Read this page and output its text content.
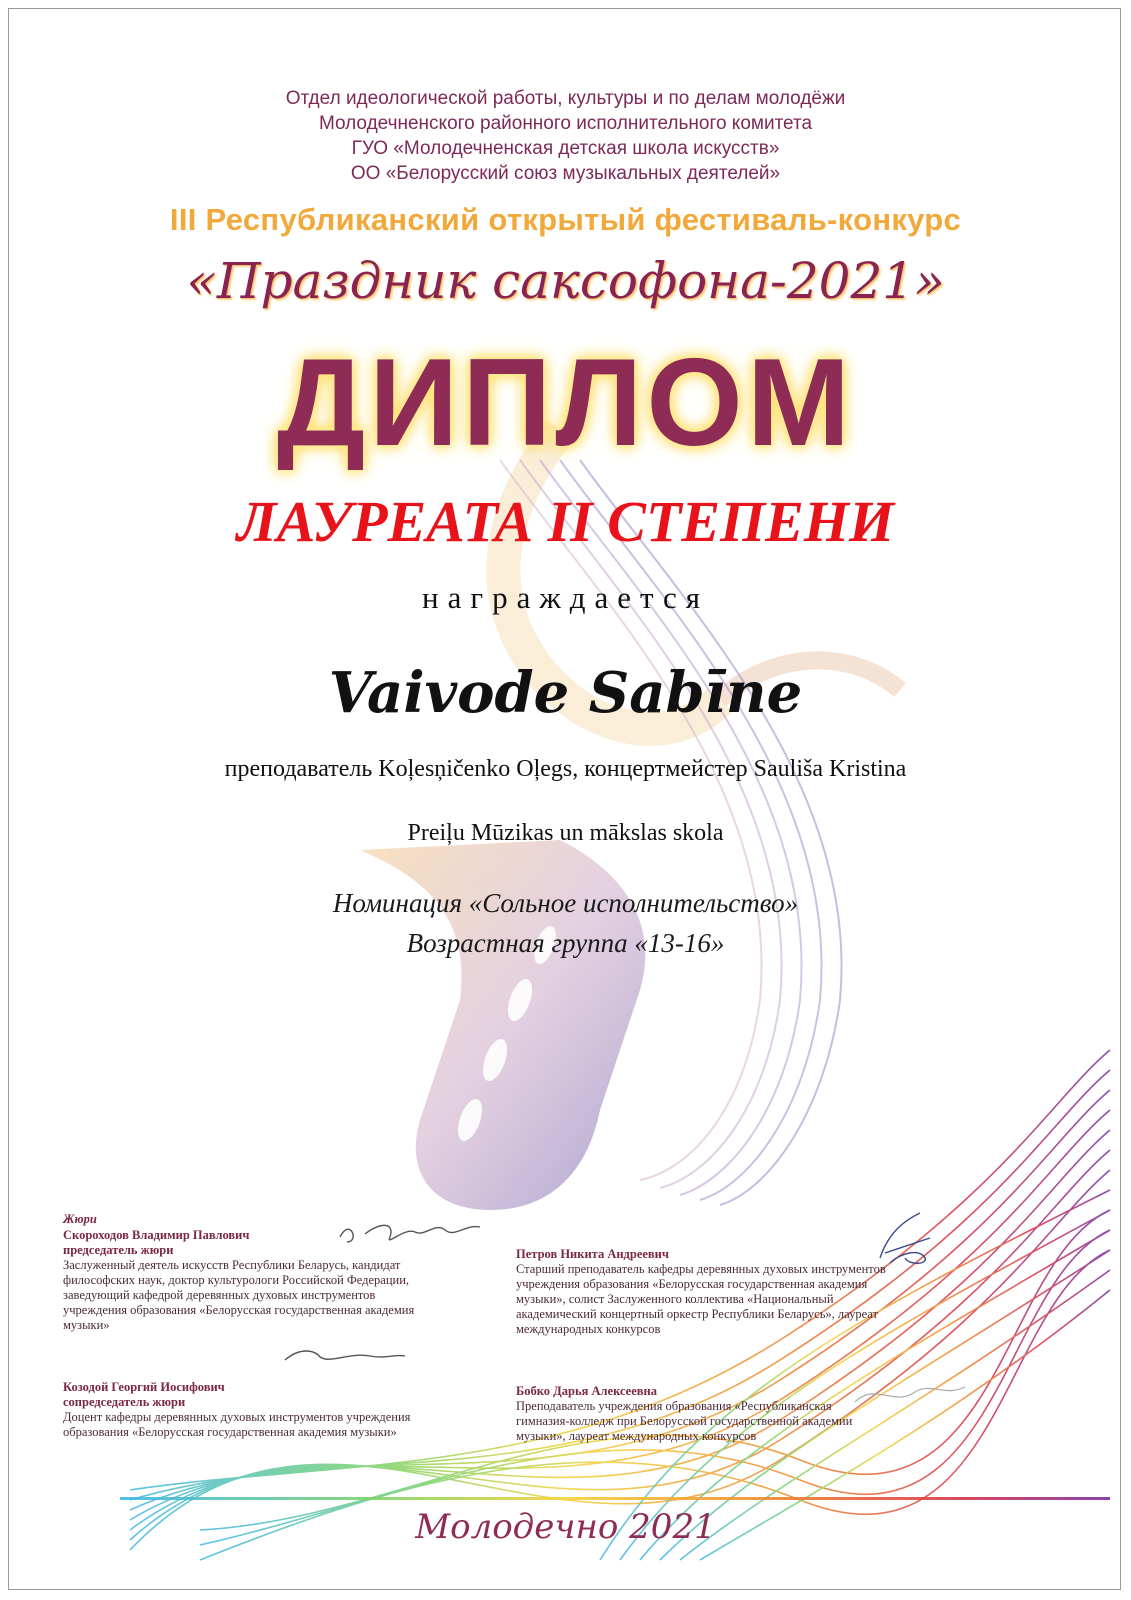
Отдел идеологической работы, культуры и по делам молодёжи
Молодечненского районного исполнительного комитета
ГУО «Молодечненская детская школа искусств»
ОО «Белорусский союз музыкальных деятелей»
III Республиканский открытый фестиваль-конкурс
«Праздник саксофона-2021»
ДИПЛОМ
ЛАУРЕАТА II СТЕПЕНИ
награждается
Vaivode Sabīne
преподаватель Koļesņičenko Oļegs, концертмейстер Sauliša Kristina
Preiļu Mūzikas un mākslas skola
Номинация «Сольное исполнительство»
Возрастная группа «13-16»
Жюри
Скороходов Владимир Павлович
председатель жюри
Заслуженный деятель искусств Республики Беларусь, кандидат философских наук, доктор культурологи Российской Федерации, заведующий кафедрой деревянных духовых инструментов учреждения образования «Белорусская государственная академия музыки»
Козодой Георгий Иосифович
сопредседатель жюри
Доцент кафедры деревянных духовых инструментов учреждения образования «Белорусская государственная академия музыки»
Петров Никита Андреевич
Старший преподаватель кафедры деревянных духовых инструментов учреждения образования «Белорусская государственная академия музыки», солист Заслуженного коллектива «Национальный академический концертный оркестр Республики Беларусь», лауреат международных конкурсов
Бобко Дарья Алексеевна
Преподаватель учреждения образования «Республиканская гимназия-колледж при Белорусской государственной академии музыки», лауреат международных конкурсов
Молодечно 2021
